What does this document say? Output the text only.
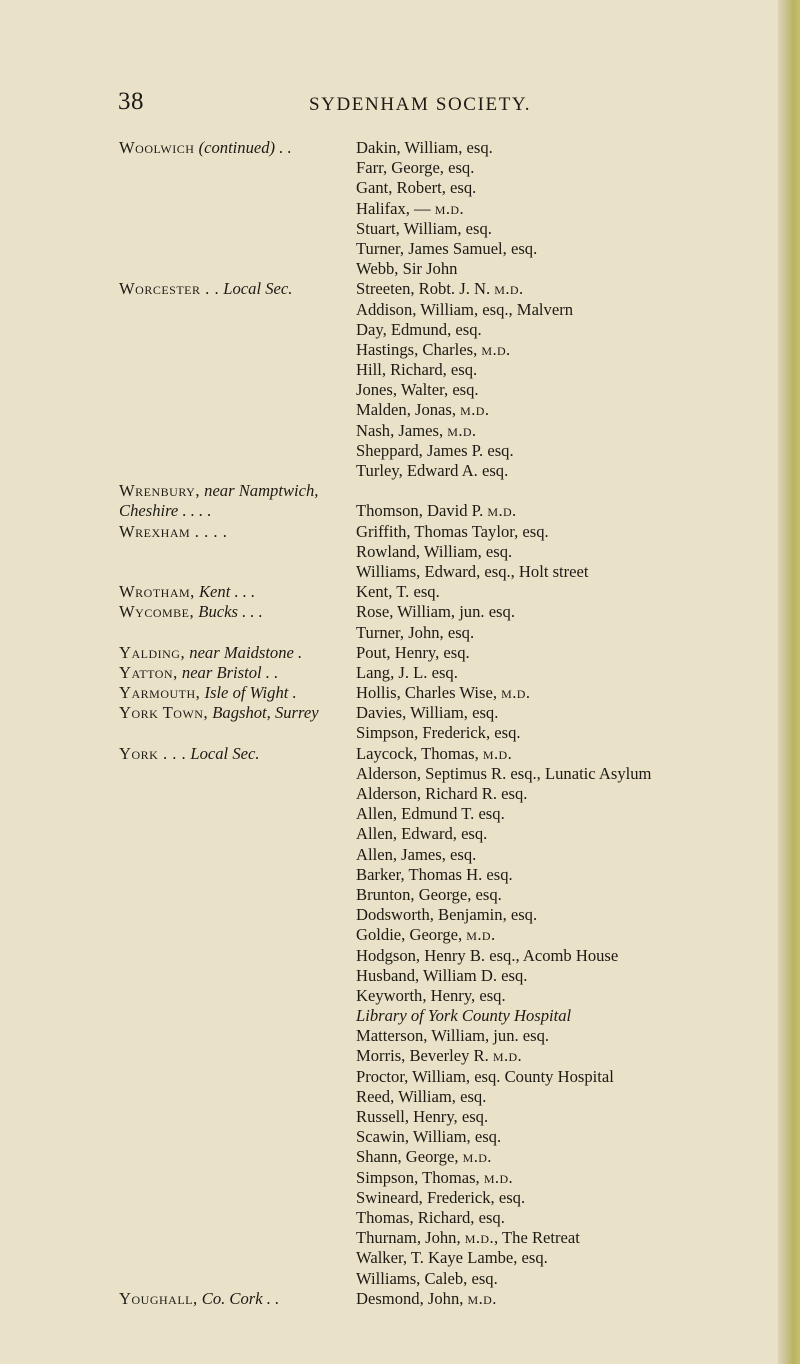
38	SYDENHAM SOCIETY.
Woolwich (continued) . .	Dakin, William, esq.
Farr, George, esq.
Gant, Robert, esq.
Halifax, — m.d.
Stuart, William, esq.
Turner, James Samuel, esq.
Webb, Sir John
Worcester . . Local Sec.	Streeten, Robt. J. N. m.d.
Addison, William, esq., Malvern
Day, Edmund, esq.
Hastings, Charles, m.d.
Hill, Richard, esq.
Jones, Walter, esq.
Malden, Jonas, m.d.
Nash, James, m.d.
Sheppard, James P. esq.
Turley, Edward A. esq.
Wrenbury, near Namptwich,
Cheshire . . . .	Thomson, David P. m.d.
Wrexham . . . .	Griffith, Thomas Taylor, esq.
Rowland, William, esq.
Williams, Edward, esq., Holt street
Wrotham, Kent . . .	Kent, T. esq.
Wycombe, Bucks . . .	Rose, William, jun. esq.
Turner, John, esq.
Yalding, near Maidstone .	Pout, Henry, esq.
Yatton, near Bristol . .	Lang, J. L. esq.
Yarmouth, Isle of Wight .	Hollis, Charles Wise, m.d.
York Town, Bagshot, Surrey Davies, William, esq.
Simpson, Frederick, esq.
York . . . Local Sec.	Laycock, Thomas, m.d.
Alderson, Septimus R. esq., Lunatic Asylum
Alderson, Richard R. esq.
Allen, Edmund T. esq.
Allen, Edward, esq.
Allen, James, esq.
Barker, Thomas H. esq.
Brunton, George, esq.
Dodsworth, Benjamin, esq.
Goldie, George, m.d.
Hodgson, Henry B. esq., Acomb House
Husband, William D. esq.
Keyworth, Henry, esq.
Library of York County Hospital
Matterson, William, jun. esq.
Morris, Beverley R. m.d.
Proctor, William, esq. County Hospital
Reed, William, esq.
Russell, Henry, esq.
Scawin, William, esq.
Shann, George, m.d.
Simpson, Thomas, m.d.
Swineard, Frederick, esq.
Thomas, Richard, esq.
Thurnam, John, m.d., The Retreat
Walker, T. Kaye Lambe, esq.
Williams, Caleb, esq.
Youghall, Co. Cork . .	Desmond, John, m.d.
